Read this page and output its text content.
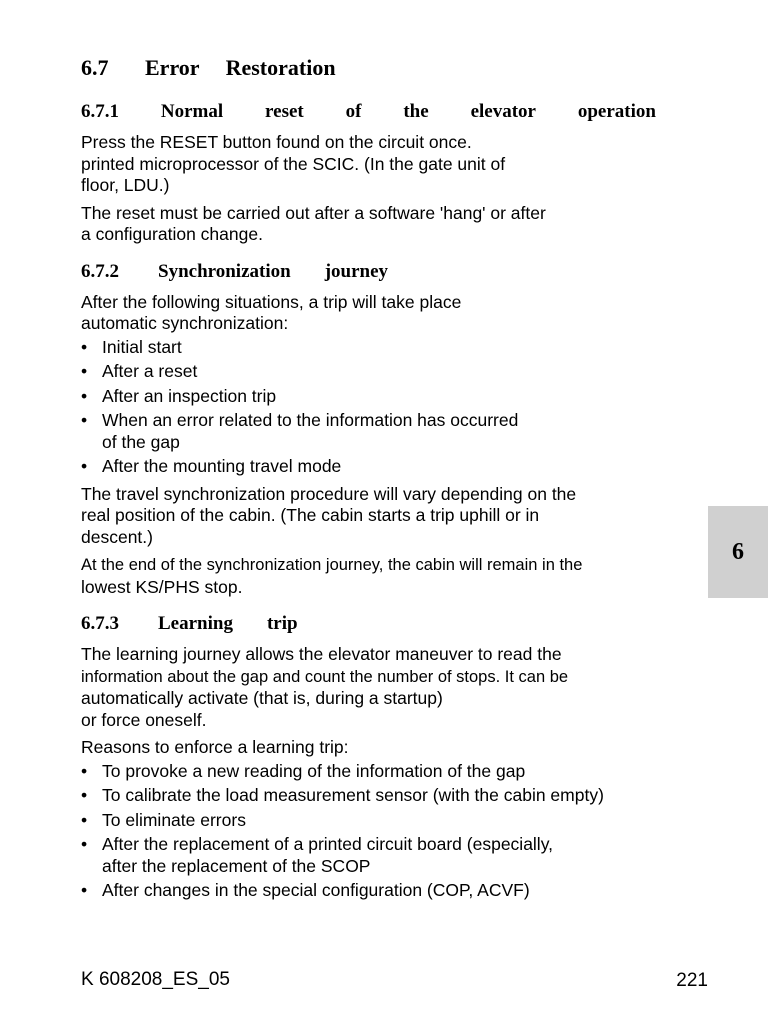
6.7 Error Restoration
6.7.1 Normal reset of the elevator operation

Press the RESET button found on the circuit once.
printed microprocessor of the SCIC. (In the gate unit of
floor, LDU.)

The reset must be carried out after a software 'hang' or after
a configuration change.

6.7.2 Synchronization journey

After the following situations, a trip will take place
automatic synchronization:

• Initial start
• After a reset
• After an inspection trip
• When an error related to the information has occurred
of the gap
• After the mounting travel mode

The travel synchronization procedure will vary depending on the
real position of the cabin. (The cabin starts a trip uphill or in
descent.)

At the end of the synchronization journey, the cabin will remain in the
lowest KS/PHS stop.

6.7.3 Learning trip

The learning journey allows the elevator maneuver to read the
information about the gap and count the number of stops. It can be
automatically activate (that is, during a startup)
or force oneself.

Reasons to enforce a learning trip:

• To provoke a new reading of the information of the gap
• To calibrate the load measurement sensor (with the cabin empty)
• To eliminate errors
• After the replacement of a printed circuit board (especially,
after the replacement of the SCOP
• After changes in the special configuration (COP, ACVF)
6
K 608208_ES_05	221
